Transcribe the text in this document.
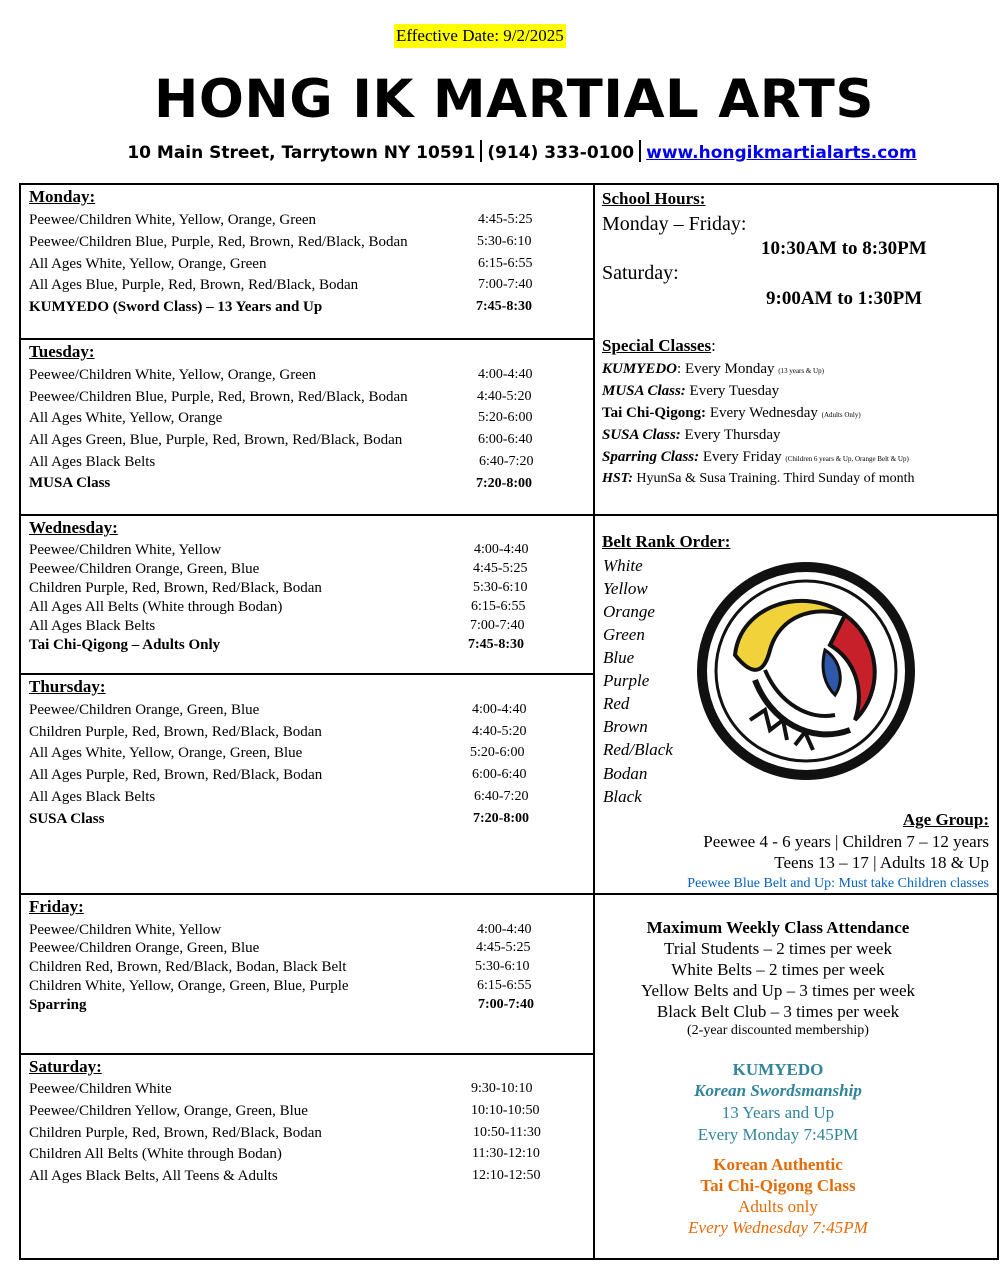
Effective Date: 9/2/2025
HONG IK MARTIAL ARTS
10 Main Street, Tarrytown NY 10591 (914) 333-0100 www.hongikmartialarts.com
Monday:
Peewee/Children White, Yellow, Orange, Green	4:45-5:25
Peewee/Children Blue, Purple, Red, Brown, Red/Black, Bodan	5:30-6:10
All Ages White, Yellow, Orange, Green	6:15-6:55
All Ages Blue, Purple, Red, Brown, Red/Black, Bodan	7:00-7:40
KUMYEDO (Sword Class) – 13 Years and Up	7:45-8:30
Tuesday:
Peewee/Children White, Yellow, Orange, Green	4:00-4:40
Peewee/Children Blue, Purple, Red, Brown, Red/Black, Bodan	4:40-5:20
All Ages White, Yellow, Orange	5:20-6:00
All Ages Green, Blue, Purple, Red, Brown, Red/Black, Bodan	6:00-6:40
All Ages Black Belts	6:40-7:20
MUSA Class	7:20-8:00
Wednesday:
Peewee/Children White, Yellow	4:00-4:40
Peewee/Children Orange, Green, Blue	4:45-5:25
Children Purple, Red, Brown, Red/Black, Bodan	5:30-6:10
All Ages All Belts (White through Bodan)	6:15-6:55
All Ages Black Belts	7:00-7:40
Tai Chi-Qigong – Adults Only	7:45-8:30
Thursday:
Peewee/Children Orange, Green, Blue	4:00-4:40
Children Purple, Red, Brown, Red/Black, Bodan	4:40-5:20
All Ages White, Yellow, Orange, Green, Blue	5:20-6:00
All Ages Purple, Red, Brown, Red/Black, Bodan	6:00-6:40
All Ages Black Belts	6:40-7:20
SUSA Class	7:20-8:00
Friday:
Peewee/Children White, Yellow	4:00-4:40
Peewee/Children Orange, Green, Blue	4:45-5:25
Children Red, Brown, Red/Black, Bodan, Black Belt	5:30-6:10
Children White, Yellow, Orange, Green, Blue, Purple	6:15-6:55
Sparring	7:00-7:40
Saturday:
Peewee/Children White	9:30-10:10
Peewee/Children Yellow, Orange, Green, Blue	10:10-10:50
Children Purple, Red, Brown, Red/Black, Bodan	10:50-11:30
Children All Belts (White through Bodan)	11:30-12:10
All Ages Black Belts, All Teens & Adults	12:10-12:50
School Hours:
Monday – Friday:
10:30AM to 8:30PM
Saturday:
9:00AM to 1:30PM
Special Classes:
KUMYEDO: Every Monday (13 years & Up)
MUSA Class: Every Tuesday
Tai Chi-Qigong: Every Wednesday (Adults Only)
SUSA Class: Every Thursday
Sparring Class: Every Friday (Children 6 years & Up, Orange Belt & Up)
HST: HyunSa & Susa Training. Third Sunday of month
Belt Rank Order:
White
Yellow
Orange
Green
Blue
Purple
Red
Brown
Red/Black
Bodan
Black
Age Group:
Peewee 4 - 6 years | Children 7 – 12 years
Teens 13 – 17 | Adults 18 & Up
Peewee Blue Belt and Up: Must take Children classes
Maximum Weekly Class Attendance
Trial Students – 2 times per week
White Belts – 2 times per week
Yellow Belts and Up – 3 times per week
Black Belt Club – 3 times per week
(2-year discounted membership)
KUMYEDO
Korean Swordsmanship
13 Years and Up
Every Monday 7:45PM
Korean Authentic
Tai Chi-Qigong Class
Adults only
Every Wednesday 7:45PM
